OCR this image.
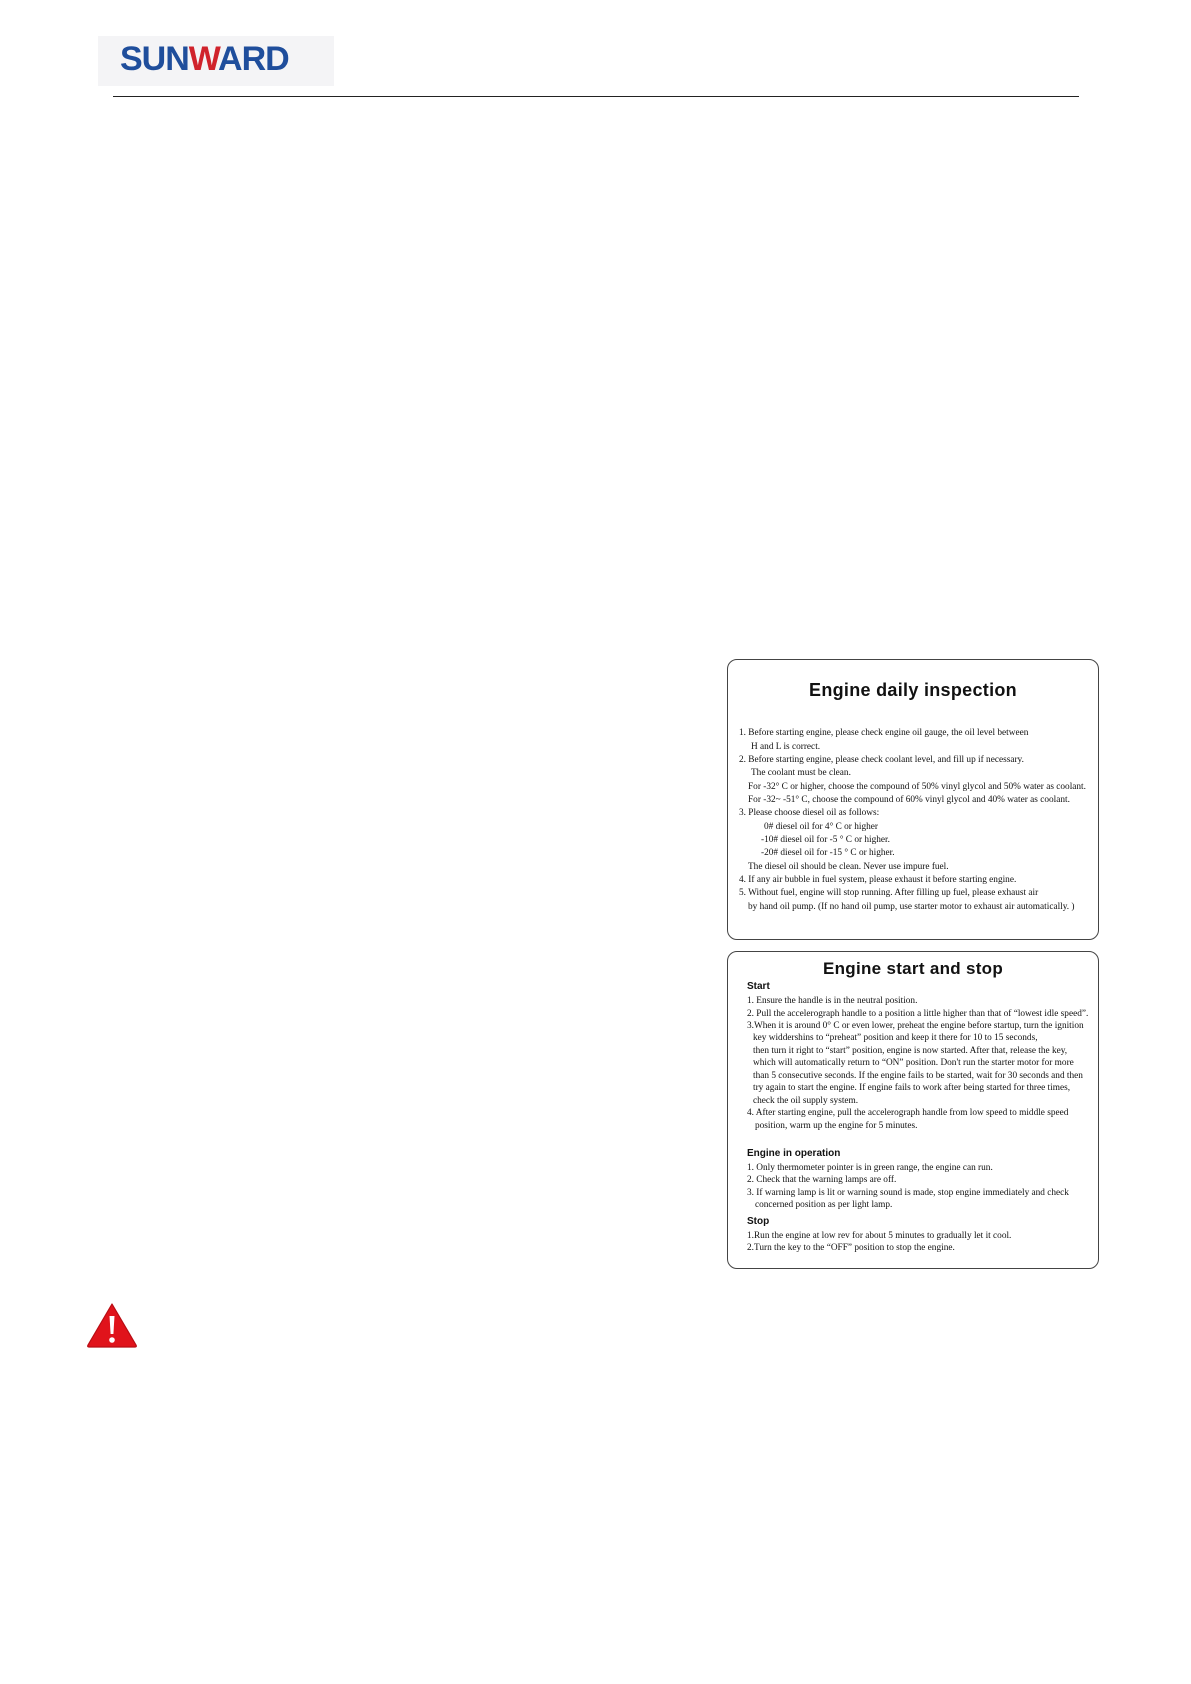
SUNWARD
Engine daily inspection
1. Before starting engine, please check engine oil gauge, the oil level between
H and L is correct.
2. Before starting engine, please check coolant level, and fill up if necessary.
The coolant must be clean.
For -32° C or higher, choose the compound of 50% vinyl glycol and 50% water as coolant.
For -32~ -51° C, choose the compound of 60% vinyl glycol and 40% water as coolant.
3. Please choose diesel oil as follows:
0# diesel oil for 4° C or higher
-10# diesel oil for -5 ° C or higher.
-20# diesel oil for -15 ° C or higher.
The diesel oil should be clean. Never use impure fuel.
4. If any air bubble in fuel system, please exhaust it before starting engine.
5. Without fuel, engine will stop running. After filling up fuel, please exhaust air
by hand oil pump. (If no hand oil pump, use starter motor to exhaust air automatically. )
Engine start and stop
Start
1. Ensure the handle is in the neutral position.
2. Pull the accelerograph handle to a position a little higher than that of “lowest idle speed”.
3.When it is around 0° C or even lower, preheat the engine before startup, turn the ignition
key widdershins to “preheat” position and keep it there for 10 to 15 seconds,
then turn it right to “start” position, engine is now started. After that, release the key,
which will automatically return to “ON” position. Don't run the starter motor for more
than 5 consecutive seconds. If the engine fails to be started, wait for 30 seconds and then
try again to start the engine. If engine fails to work after being started for three times,
check the oil supply system.
4. After starting engine, pull the accelerograph handle from low speed to middle speed
position, warm up the engine for 5 minutes.
Engine in operation
1. Only thermometer pointer is in green range, the engine can run.
2. Check that the warning lamps are off.
3. If warning lamp is lit or warning sound is made, stop engine immediately and check
concerned position as per light lamp.
Stop
1.Run the engine at low rev for about 5 minutes to gradually let it cool.
2.Turn the key to the “OFF” position to stop the engine.
